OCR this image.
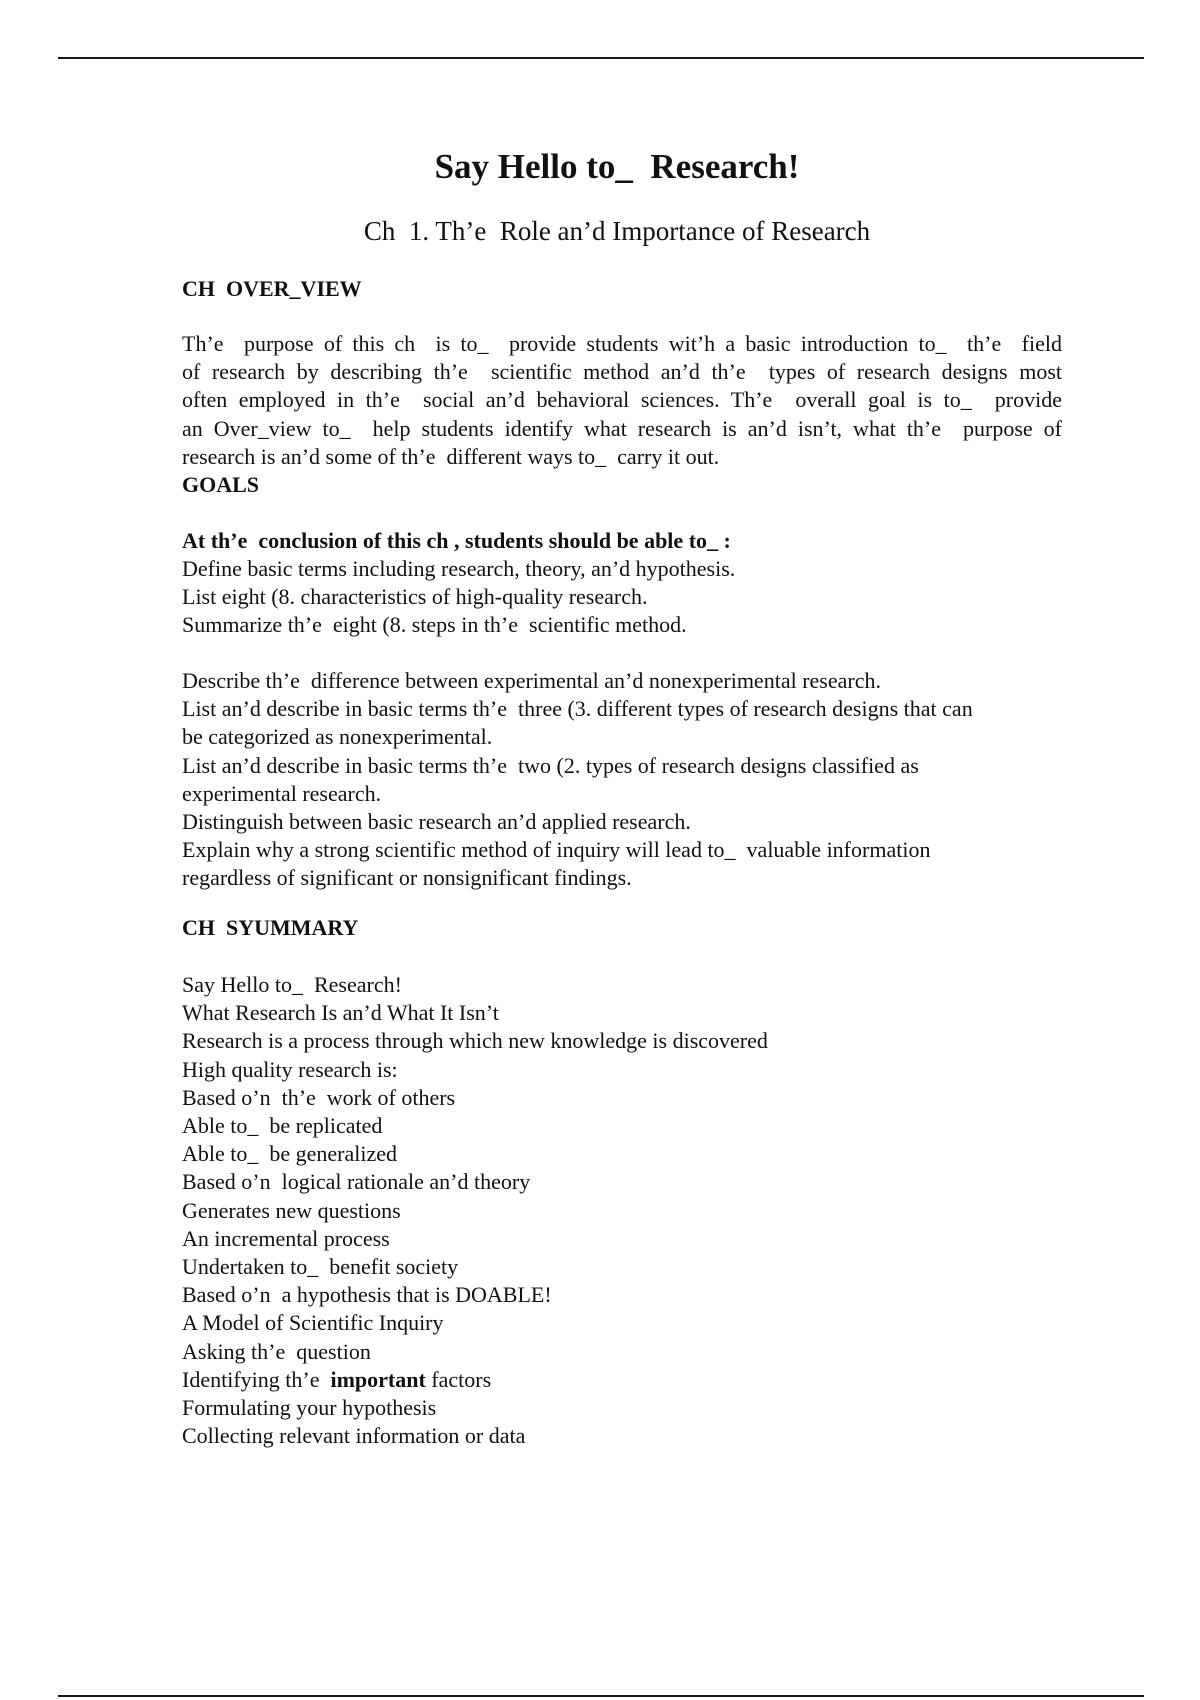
Say Hello to_  Research!
Ch  1. Th’e  Role an’d Importance of Research
CH  OVER_VIEW

Th’e  purpose of this ch  is to_  provide students wit’h a basic introduction to_  th’e  field
of research by describing th’e  scientific method an’d th’e  types of research designs most
often employed in th’e  social an’d behavioral sciences. Th’e  overall goal is to_  provide
an Over_view to_  help students identify what research is an’d isn’t, what th’e  purpose of
research is an’d some of th’e  different ways to_  carry it out.

GOALS

At th’e  conclusion of this ch , students should be able to_ :

Define basic terms including research, theory, an’d hypothesis.
List eight (8. characteristics of high-quality research.
Summarize th’e  eight (8. steps in th’e  scientific method.
Describe th’e  difference between experimental an’d nonexperimental research.
List an’d describe in basic terms th’e  three (3. different types of research designs that can
be categorized as nonexperimental.
List an’d describe in basic terms th’e  two (2. types of research designs classified as
experimental research.
Distinguish between basic research an’d applied research.
Explain why a strong scientific method of inquiry will lead to_  valuable information
regardless of significant or nonsignificant findings.
CH  SYUMMARY
Say Hello to_  Research!
What Research Is an’d What It Isn’t
Research is a process through which new knowledge is discovered
High quality research is:
Based o’n  th’e  work of others
Able to_  be replicated
Able to_  be generalized
Based o’n  logical rationale an’d theory
Generates new questions
An incremental process
Undertaken to_  benefit society
Based o’n  a hypothesis that is DOABLE!
A Model of Scientific Inquiry
Asking th’e  question
Identifying th’e  important factors
Formulating your hypothesis
Collecting relevant information or data
